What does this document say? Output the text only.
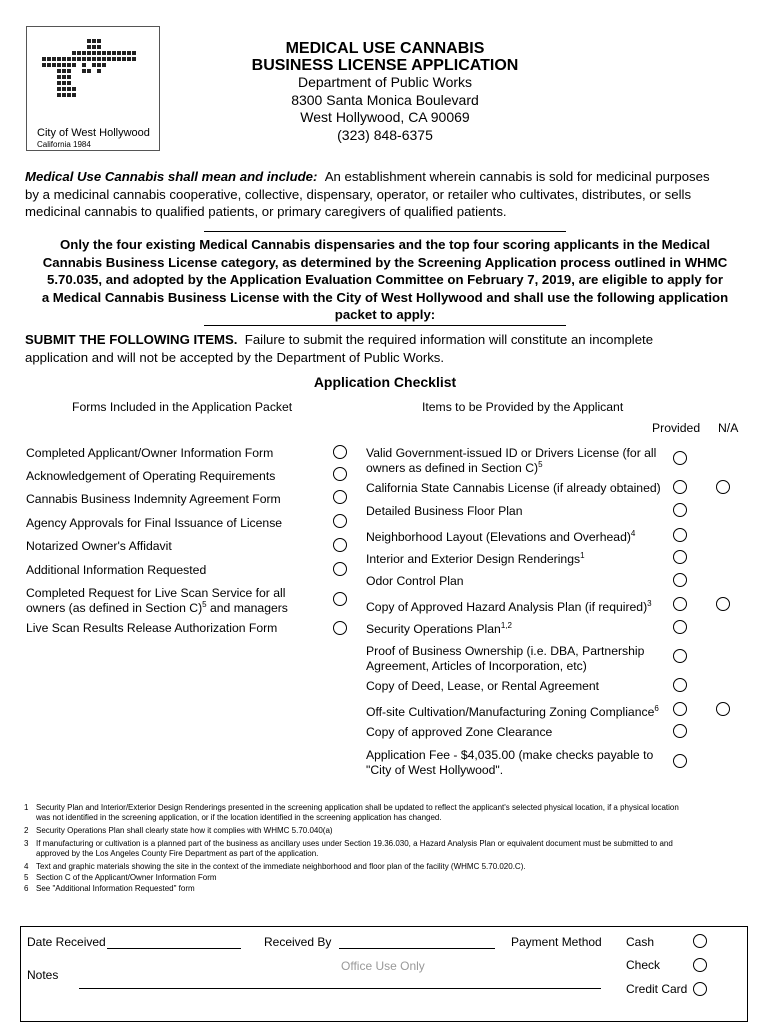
City of West Hollywood
California 1984
MEDICAL USE CANNABIS
BUSINESS LICENSE APPLICATION
Department of Public Works
8300 Santa Monica Boulevard
West Hollywood, CA 90069
(323) 848-6375
Medical Use Cannabis shall mean and include: An establishment wherein cannabis is sold for medicinal purposes
by a medicinal cannabis cooperative, collective, dispensary, operator, or retailer who cultivates, distributes, or sells
medicinal cannabis to qualified patients, or primary caregivers of qualified patients.
Only the four existing Medical Cannabis dispensaries and the top four scoring applicants in the Medical
Cannabis Business License category, as determined by the Screening Application process outlined in WHMC
5.70.035, and adopted by the Application Evaluation Committee on February 7, 2019, are eligible to apply for
a Medical Cannabis Business License with the City of West Hollywood and shall use the following application
packet to apply:
SUBMIT THE FOLLOWING ITEMS. Failure to submit the required information will constitute an incomplete
application and will not be accepted by the Department of Public Works.
Application Checklist
Forms Included in the Application Packet	Items to be Provided by the Applicant
Provided N/A
Completed Applicant/Owner Information Form
Acknowledgement of Operating Requirements
Cannabis Business Indemnity Agreement Form
Agency Approvals for Final Issuance of License
Notarized Owner's Affidavit
Additional Information Requested
Completed Request for Live Scan Service for all
owners (as defined in Section C)$^5$ and managers
Live Scan Results Release Authorization Form
Valid Government-issued ID or Drivers License (for all
owners as defined in Section C)$^5$
California State Cannabis License (if already obtained)
Detailed Business Floor Plan
Neighborhood Layout (Elevations and Overhead)$^4$
Interior and Exterior Design Renderings$^1$
Odor Control Plan
Copy of Approved Hazard Analysis Plan (if required)$^3$
Security Operations Plan$^{1,2}$
Proof of Business Ownership (i.e. DBA, Partnership
Agreement, Articles of Incorporation, etc)
Copy of Deed, Lease, or Rental Agreement
Off-site Cultivation/Manufacturing Zoning Compliance$^6$
Copy of approved Zone Clearance
Application Fee - $4,035.00 (make checks payable to
"City of West Hollywood".
1 Security Plan and Interior/Exterior Design Renderings presented in the screening application shall be updated to reflect the applicant's selected physical location, if a physical location
was not identified in the screening application, or if the location identified in the screening application has changed.
2 Security Operations Plan shall clearly state how it complies with WHMC 5.70.040(a)
3 If manufacturing or cultivation is a planned part of the business as ancillary uses under Section 19.36.030, a Hazard Analysis Plan or equivalent document must be submitted to and
approved by the Los Angeles County Fire Department as part of the application.
4 Text and graphic materials showing the site in the context of the immediate neighborhood and floor plan of the facility (WHMC 5.70.020.C).
5 Section C of the Applicant/Owner Information Form
6 See "Additional Information Requested" form
Date Received	Received By	Payment Method Cash
Office Use Only	Check
Notes
Credit Card
